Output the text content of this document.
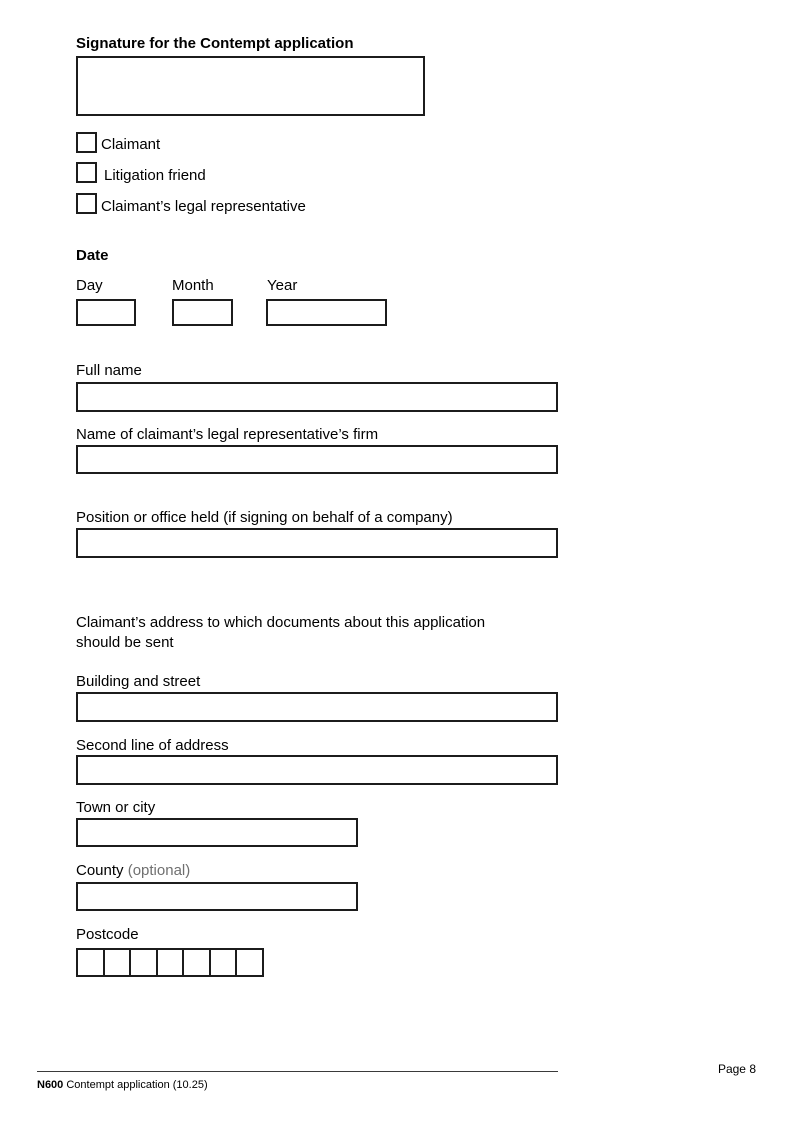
Signature for the Contempt application
Claimant
Litigation friend
Claimant’s legal representative
Date
Day	Month	Year
Full name
Name of claimant’s legal representative’s firm
Position or office held (if signing on behalf of a company)
Claimant’s address to which documents about this application should be sent
Building and street
Second line of address
Town or city
County (optional)
Postcode
Page 8
N600 Contempt application (10.25)
